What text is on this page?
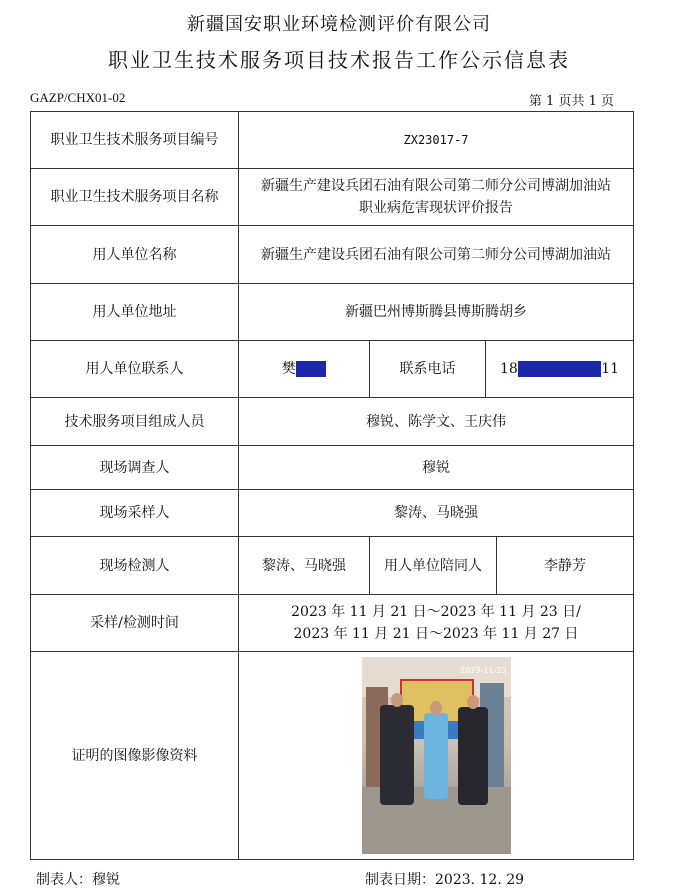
新疆国安职业环境检测评价有限公司
职业卫生技术服务项目技术报告工作公示信息表
GAZP/CHX01-02	第 1 页共 1 页
职业卫生技术服务项目编号	ZX23017-7			
职业卫生技术服务项目名称	新疆生产建设兵团石油有限公司第二师分公司博湖加油站
职业病危害现状评价报告			

用人单位名称	新疆生产建设兵团石油有限公司第二师分公司博湖加油站			
用人单位地址	新疆巴州博斯腾县博斯腾胡乡			
用人单位联系人	樊 ■■	联系电话	18 ■■■■■■ 11	
技术服务项目组成人员	穆锐、陈学文、王庆伟			
现场调查人	穆锐			
现场采样人	黎涛、马晓强			
现场检测人	黎涛、马晓强	用人单位陪同人		李静芳
采样/检测时间	2023 年 11 月 21 日～2023 年 11 月 23 日/
2023 年 11 月 21 日～2023 年 11 月 27 日			

证明的图像影像资料	2023-11-23			
制表人：穆锐	制表日期：2023. 12. 29
